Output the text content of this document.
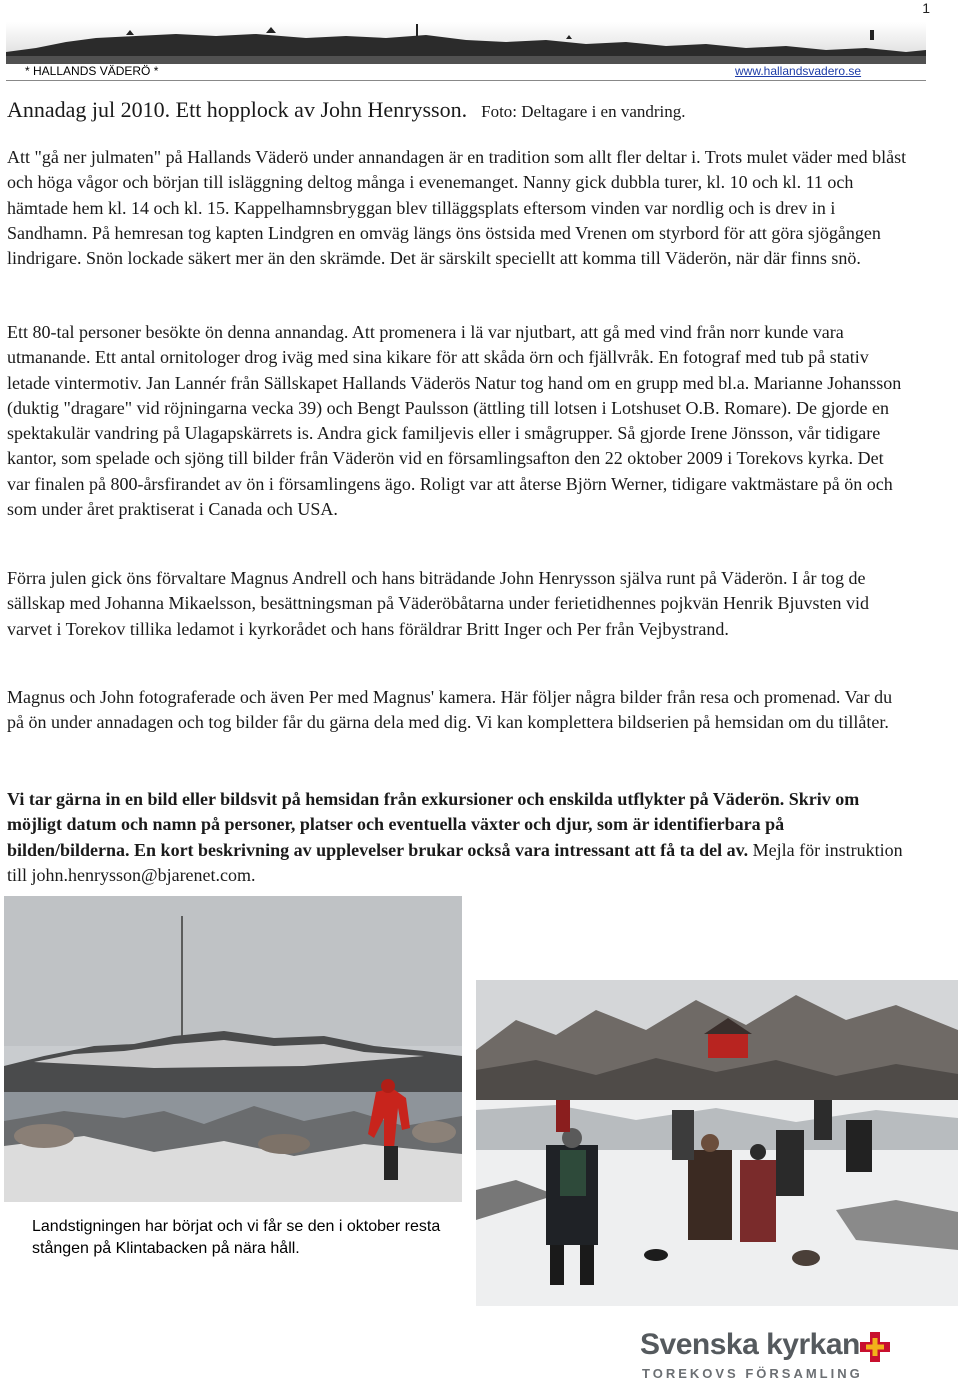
1
* HALLANDS VÄDERÖ *	www.hallandsvadero.se
Annadag jul 2010. Ett hopplock av John Henrysson. Foto: Deltagare i en vandring.
Att "gå ner julmaten" på Hallands Väderö under annandagen är en tradition som allt fler deltar i. Trots mulet väder med blåst och höga vågor och början till isläggning deltog många i evenemanget. Nanny gick dubbla turer, kl. 10 och kl. 11 och hämtade hem kl. 14 och kl. 15. Kappelhamnsbryggan blev tilläggsplats eftersom vinden var nordlig och is drev in i Sandhamn. På hemresan tog kapten Lindgren en omväg längs öns östsida med Vrenen om styrbord för att göra sjögången lindrigare. Snön lockade säkert mer än den skrämde. Det är särskilt speciellt att komma till Väderön, när där finns snö.
Ett 80-tal personer besökte ön denna annandag. Att promenera i lä var njutbart, att gå med vind från norr kunde vara utmanande. Ett antal ornitologer drog iväg med sina kikare för att skåda örn och fjällvråk. En fotograf med tub på stativ letade vintermotiv. Jan Lannér från Sällskapet Hallands Väderös Natur tog hand om en grupp med bl.a. Marianne Johansson (duktig "dragare" vid röjningarna vecka 39) och Bengt Paulsson (ättling till lotsen i Lotshuset O.B. Romare). De gjorde en spektakulär vandring på Ulagapskärrets is. Andra gick familjevis eller i smågrupper. Så gjorde Irene Jönsson, vår tidigare kantor, som spelade och sjöng till bilder från Väderön vid en församlingsafton den 22 oktober 2009 i Torekovs kyrka. Det var finalen på 800-årsfirandet av ön i församlingens ägo. Roligt var att återse Björn Werner, tidigare vaktmästare på ön och som under året praktiserat i Canada och USA.
Förra julen gick öns förvaltare Magnus Andrell och hans biträdande John Henrysson själva runt på Väderön. I år tog de sällskap med Johanna Mikaelsson, besättningsman på Väderöbåtarna under ferietidhennes pojkvän Henrik Bjuvsten vid varvet i Torekov tillika ledamot i kyrkorådet och hans föräldrar Britt Inger och Per från Vejbystrand.
Magnus och John fotograferade och även Per med Magnus' kamera. Här följer några bilder från resa och promenad. Var du på ön under annadagen och tog bilder får du gärna dela med dig. Vi kan komplettera bildserien på hemsidan om du tillåter.
Vi tar gärna in en bild eller bildsvit på hemsidan från exkursioner och enskilda utflykter på Väderön. Skriv om möjligt datum och namn på personer, platser och eventuella växter och djur, som är identifierbara på bilden/bilderna. En kort beskrivning av upplevelser brukar också vara intressant att få ta del av. Mejla för instruktion till john.henrysson@bjarenet.com.
Landstigningen har börjat och vi får se den i oktober resta stången på Klintabacken på nära håll.
Svenska kyrkan
TOREKOVS FÖRSAMLING
